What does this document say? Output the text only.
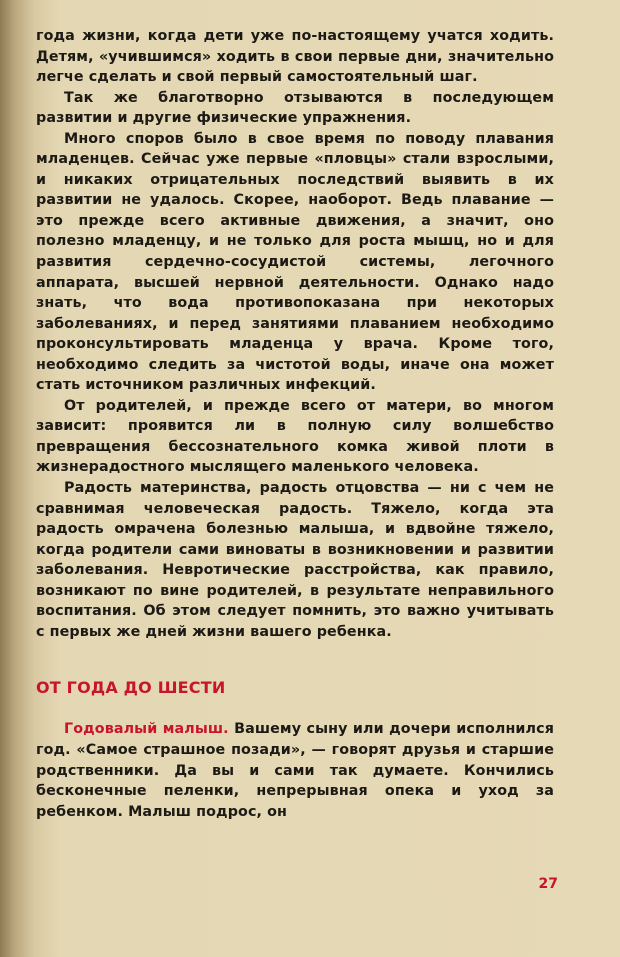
года жизни, когда дети уже по-настоящему учатся ходить. Детям, «учившимся» ходить в свои первые дни, значительно легче сделать и свой первый самостоятельный шаг.

Так же благотворно отзываются в последующем развитии и другие физические упражнения.

Много споров было в свое время по поводу плавания младенцев. Сейчас уже первые «пловцы» стали взрослыми, и никаких отрицательных последствий выявить в их развитии не удалось. Скорее, наоборот. Ведь плавание — это прежде всего активные движения, а значит, оно полезно младенцу, и не только для роста мышц, но и для развития сердечно-сосудистой системы, легочного аппарата, высшей нервной деятельности. Однако надо знать, что вода противопоказана при некоторых заболеваниях, и перед занятиями плаванием необходимо проконсультировать младенца у врача. Кроме того, необходимо следить за чистотой воды, иначе она может стать источником различных инфекций.

От родителей, и прежде всего от матери, во многом зависит: проявится ли в полную силу волшебство превращения бессознательного комка живой плоти в жизнерадостного мыслящего маленького человека.

Радость материнства, радость отцовства — ни с чем не сравнимая человеческая радость. Тяжело, когда эта радость омрачена болезнью малыша, и вдвойне тяжело, когда родители сами виноваты в возникновении и развитии заболевания. Невротические расстройства, как правило, возникают по вине родителей, в результате неправильного воспитания. Об этом следует помнить, это важно учитывать с первых же дней жизни вашего ребенка.

ОТ ГОДА ДО ШЕСТИ

Годовалый малыш. Вашему сыну или дочери исполнился год. «Самое страшное позади», — говорят друзья и старшие родственники. Да вы и сами так думаете. Кончились бесконечные пеленки, непрерывная опека и уход за ребенком. Малыш подрос, он

27
